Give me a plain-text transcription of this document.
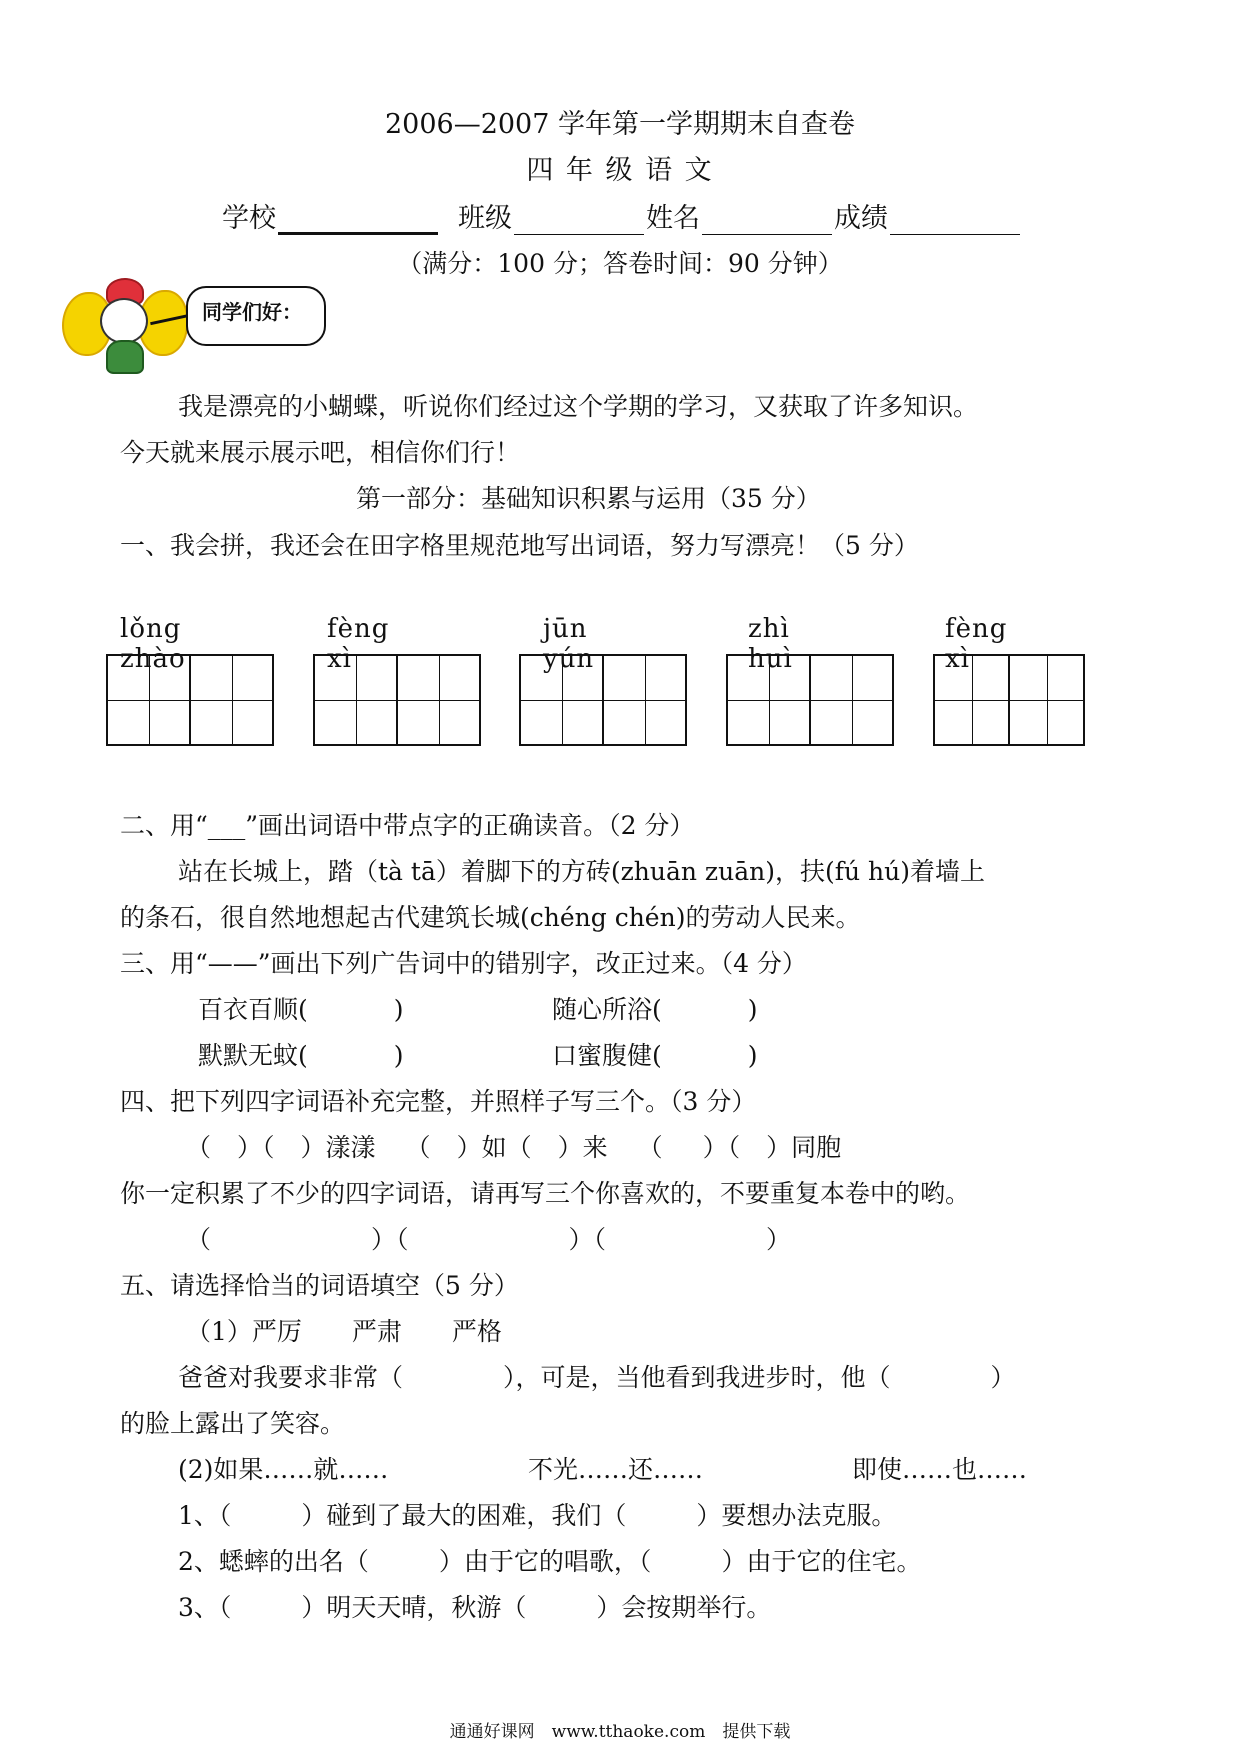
2006—2007 学年第一学期期末自查卷
四 年 级 语 文
学校	班级	姓名	成绩
（满分：100 分；答卷时间：90 分钟）
同学们好：
我是漂亮的小蝴蝶，听说你们经过这个学期的学习，又获取了许多知识。
今天就来展示展示吧，相信你们行！
第一部分：基础知识积累与运用（35 分）
一、我会拼，我还会在田字格里规范地写出词语，努力写漂亮！（5 分）
lǒng zhào
fèng xì
jūn yún
zhì huì
fèng xì
二、用“___”画出词语中带点字的正确读音。（2 分）
站在长城上，踏（tà tā）着脚下的方砖(zhuān zuān)，扶(fú hú)着墙上
的条石，很自然地想起古代建筑长城(chéng chén)的劳动人民来。
三、用“——”画出下列广告词中的错别字，改正过来。（4 分）
百衣百顺(	)	随心所浴(	)
默默无蚊(	)	口蜜腹健(	)
四、把下列四字词语补充完整，并照样子写三个。（3 分）
（ ）（ ）漾漾 （ ）如（ ）来 （ ）（ ）同胞
你一定积累了不少的四字词语，请再写三个你喜欢的，不要重复本卷中的哟。
（	）（	）（	）
五、请选择恰当的词语填空（5 分）
（1）严厉　　严肃　　严格
爸爸对我要求非常（	），可是，当他看到我进步时，他（	）
的脸上露出了笑容。
(2)如果……就……	不光……还……	即使……也……
1、（	）碰到了最大的困难，我们（	）要想办法克服。
2、蟋蟀的出名（	）由于它的唱歌，（	）由于它的住宅。
3、（	）明天天晴，秋游（	）会按期举行。
通通好课网　www.tthaoke.com　提供下载
